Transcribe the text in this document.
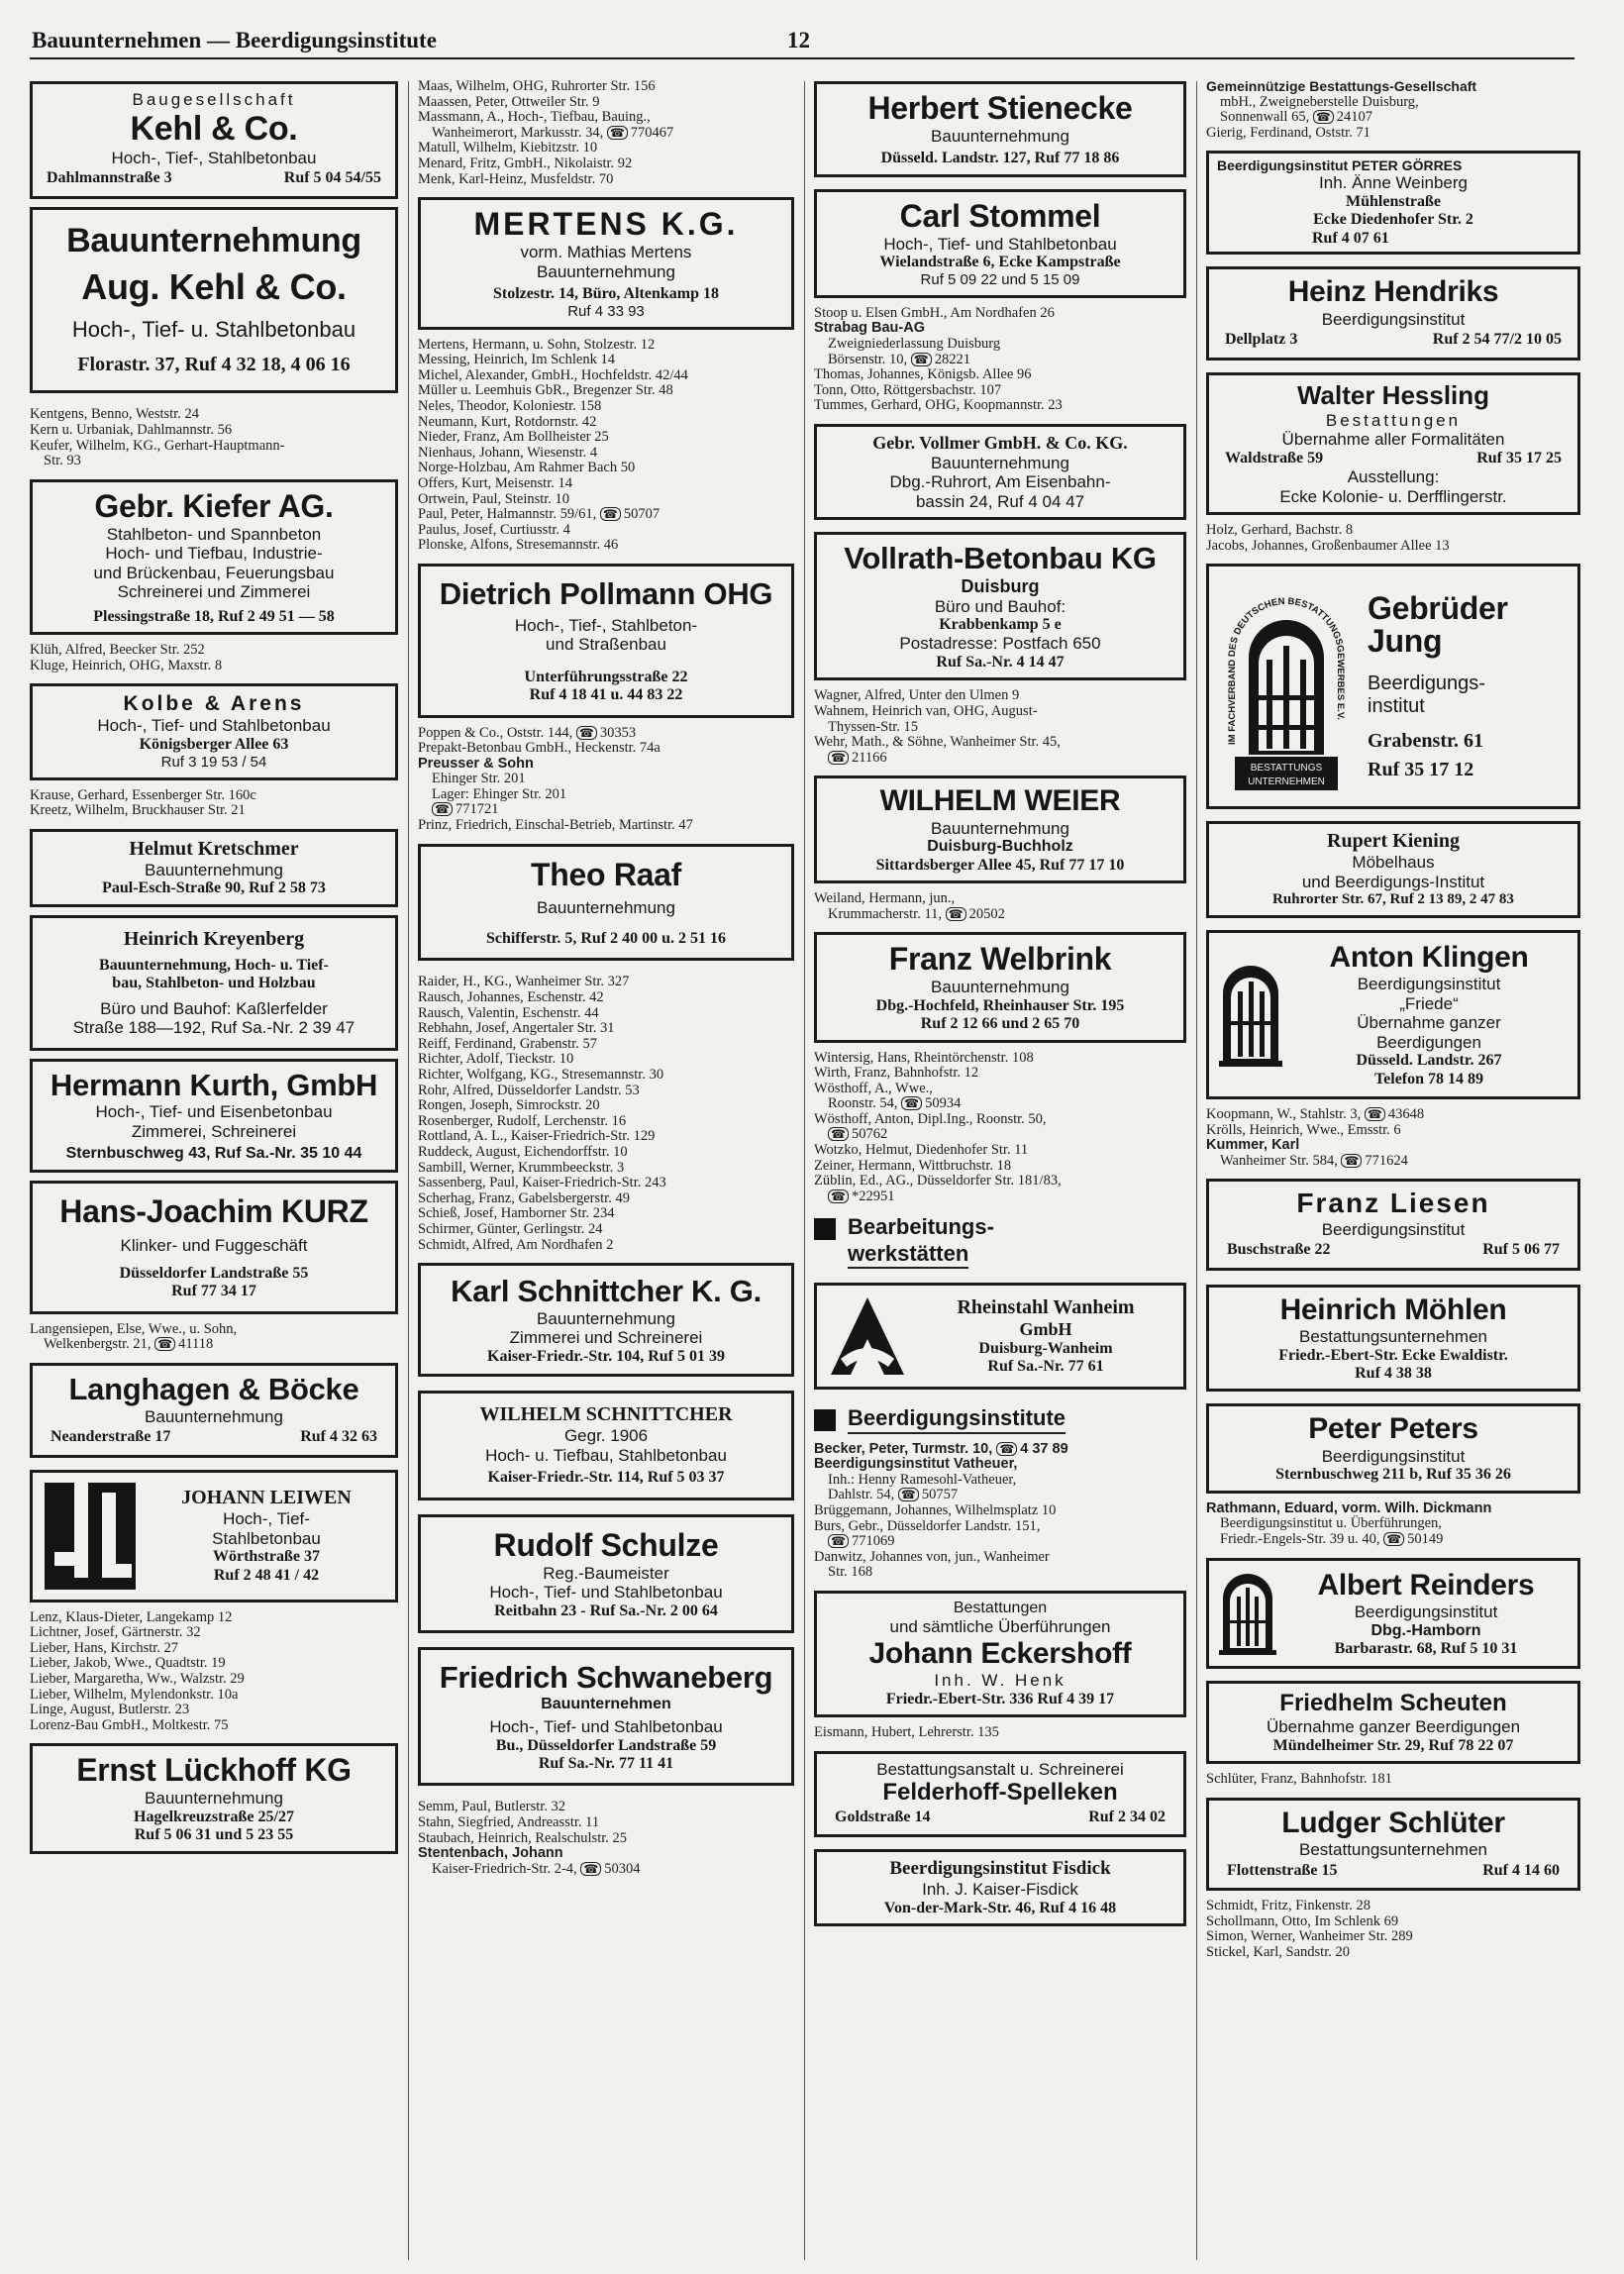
Bauunternehmen — Beerdigungsinstitute	12
Baugesellschaft
Kehl & Co.
Hoch-, Tief-, Stahlbetonbau
Dahlmannstraße 3	Ruf 5 04 54/55
Bauunternehmung
Aug. Kehl & Co.
Hoch-, Tief- u. Stahlbetonbau
Florastr. 37, Ruf 4 32 18, 4 06 16
Kentgens, Benno, Weststr. 24
Kern u. Urbaniak, Dahlmannstr. 56
Keufer, Wilhelm, KG., Gerhart-Hauptmann-
Str. 93
Gebr. Kiefer AG.
Stahlbeton- und Spannbeton
Hoch- und Tiefbau, Industrie-
und Brückenbau, Feuerungsbau
Schreinerei und Zimmerei
Plessingstraße 18, Ruf 2 49 51 — 58
Klüh, Alfred, Beecker Str. 252
Kluge, Heinrich, OHG, Maxstr. 8
Kolbe & Arens
Hoch-, Tief- und Stahlbetonbau
Königsberger Allee 63
Ruf 3 19 53 / 54
Krause, Gerhard, Essenberger Str. 160c
Kreetz, Wilhelm, Bruckhauser Str. 21
Helmut Kretschmer
Bauunternehmung
Paul-Esch-Straße 90, Ruf 2 58 73
Heinrich Kreyenberg
Bauunternehmung, Hoch- u. Tief-
bau, Stahlbeton- und Holzbau
Büro und Bauhof: Kaßlerfelder
Straße 188—192, Ruf Sa.-Nr. 2 39 47
Hermann Kurth, GmbH
Hoch-, Tief- und Eisenbetonbau
Zimmerei, Schreinerei
Sternbuschweg 43, Ruf Sa.-Nr. 35 10 44
Hans-Joachim KURZ
Klinker- und Fuggeschäft
Düsseldorfer Landstraße 55
Ruf 77 34 17
Langensiepen, Else, Wwe., u. Sohn,
Welkenbergstr. 21, ☎ 41118
Langhagen & Böcke
Bauunternehmung
Neanderstraße 17	Ruf 4 32 63
JOHANN LEIWEN
Hoch-, Tief-
Stahlbetonbau
Wörthstraße 37
Ruf 2 48 41 / 42
Lenz, Klaus-Dieter, Langekamp 12
Lichtner, Josef, Gärtnerstr. 32
Lieber, Hans, Kirchstr. 27
Lieber, Jakob, Wwe., Quadtstr. 19
Lieber, Margaretha, Ww., Walzstr. 29
Lieber, Wilhelm, Mylendonkstr. 10a
Linge, August, Butlerstr. 23
Lorenz-Bau GmbH., Moltkestr. 75
Ernst Lückhoff KG
Bauunternehmung
Hagelkreuzstraße 25/27
Ruf 5 06 31 und 5 23 55
Maas, Wilhelm, OHG, Ruhrorter Str. 156
Maassen, Peter, Ottweiler Str. 9
Massmann, A., Hoch-, Tiefbau, Bauing.,
Wanheimerort, Markusstr. 34, ☎ 770467
Matull, Wilhelm, Kiebitzstr. 10
Menard, Fritz, GmbH., Nikolaistr. 92
Menk, Karl-Heinz, Musfeldstr. 70
MERTENS K.G.
vorm. Mathias Mertens
Bauunternehmung
Stolzestr. 14, Büro, Altenkamp 18
Ruf 4 33 93
Mertens, Hermann, u. Sohn, Stolzestr. 12
Messing, Heinrich, Im Schlenk 14
Michel, Alexander, GmbH., Hochfeldstr. 42/44
Müller u. Leemhuis GbR., Bregenzer Str. 48
Neles, Theodor, Koloniestr. 158
Neumann, Kurt, Rotdornstr. 42
Nieder, Franz, Am Bollheister 25
Nienhaus, Johann, Wiesenstr. 4
Norge-Holzbau, Am Rahmer Bach 50
Offers, Kurt, Meisenstr. 14
Ortwein, Paul, Steinstr. 10
Paul, Peter, Halmannstr. 59/61, ☎ 50707
Paulus, Josef, Curtiusstr. 4
Plonske, Alfons, Stresemannstr. 46
Dietrich Pollmann OHG
Hoch-, Tief-, Stahlbeton-
und Straßenbau
Unterführungsstraße 22
Ruf 4 18 41 u. 44 83 22
Poppen & Co., Oststr. 144, ☎ 30353
Prepakt-Betonbau GmbH., Heckenstr. 74a
Preusser & Sohn
Ehinger Str. 201
Lager: Ehinger Str. 201
☎ 771721
Prinz, Friedrich, Einschal-Betrieb, Martinstr. 47
Theo Raaf
Bauunternehmung
Schifferstr. 5, Ruf 2 40 00 u. 2 51 16
Raider, H., KG., Wanheimer Str. 327
Rausch, Johannes, Eschenstr. 42
Rausch, Valentin, Eschenstr. 44
Rebhahn, Josef, Angertaler Str. 31
Reiff, Ferdinand, Grabenstr. 57
Richter, Adolf, Tieckstr. 10
Richter, Wolfgang, KG., Stresemannstr. 30
Rohr, Alfred, Düsseldorfer Landstr. 53
Rongen, Joseph, Simrockstr. 20
Rosenberger, Rudolf, Lerchenstr. 16
Rottland, A. L., Kaiser-Friedrich-Str. 129
Ruddeck, August, Eichendorffstr. 10
Sambill, Werner, Krummbeeckstr. 3
Sassenberg, Paul, Kaiser-Friedrich-Str. 243
Scherhag, Franz, Gabelsbergerstr. 49
Schieß, Josef, Hamborner Str. 234
Schirmer, Günter, Gerlingstr. 24
Schmidt, Alfred, Am Nordhafen 2
Karl Schnittcher K. G.
Bauunternehmung
Zimmerei und Schreinerei
Kaiser-Friedr.-Str. 104, Ruf 5 01 39
WILHELM SCHNITTCHER
Gegr. 1906
Hoch- u. Tiefbau, Stahlbetonbau
Kaiser-Friedr.-Str. 114, Ruf 5 03 37
Rudolf Schulze
Reg.-Baumeister
Hoch-, Tief- und Stahlbetonbau
Reitbahn 23 - Ruf Sa.-Nr. 2 00 64
Friedrich Schwaneberg
Bauunternehmen
Hoch-, Tief- und Stahlbetonbau
Bu., Düsseldorfer Landstraße 59
Ruf Sa.-Nr. 77 11 41
Semm, Paul, Butlerstr. 32
Stahn, Siegfried, Andreasstr. 11
Staubach, Heinrich, Realschulstr. 25
Stentenbach, Johann
Kaiser-Friedrich-Str. 2-4, ☎ 50304
Herbert Stienecke
Bauunternehmung
Düsseld. Landstr. 127, Ruf 77 18 86
Carl Stommel
Hoch-, Tief- und Stahlbetonbau
Wielandstraße 6, Ecke Kampstraße
Ruf 5 09 22 und 5 15 09
Stoop u. Elsen GmbH., Am Nordhafen 26
Strabag Bau-AG
Zweigniederlassung Duisburg
Börsenstr. 10, ☎ 28221
Thomas, Johannes, Königsb. Allee 96
Tonn, Otto, Röttgersbachstr. 107
Tummes, Gerhard, OHG, Koopmannstr. 23
Gebr. Vollmer GmbH. & Co. KG.
Bauunternehmung
Dbg.-Ruhrort, Am Eisenbahn-
bassin 24, Ruf 4 04 47
Vollrath-Betonbau KG
Duisburg
Büro und Bauhof:
Krabbenkamp 5 e
Postadresse: Postfach 650
Ruf Sa.-Nr. 4 14 47
Wagner, Alfred, Unter den Ulmen 9
Wahnem, Heinrich van, OHG, August-
Thyssen-Str. 15
Wehr, Math., & Söhne, Wanheimer Str. 45,
☎ 21166
WILHELM WEIER
Bauunternehmung
Duisburg-Buchholz
Sittardsberger Allee 45, Ruf 77 17 10
Weiland, Hermann, jun.,
Krummacherstr. 11, ☎ 20502
Franz Welbrink
Bauunternehmung
Dbg.-Hochfeld, Rheinhauser Str. 195
Ruf 2 12 66 und 2 65 70
Wintersig, Hans, Rheintörchenstr. 108
Wirth, Franz, Bahnhofstr. 12
Wösthoff, A., Wwe.,
Roonstr. 54, ☎ 50934
Wösthoff, Anton, Dipl.Ing., Roonstr. 50,
☎ 50762
Wotzko, Helmut, Diedenhofer Str. 11
Zeiner, Hermann, Wittbruchstr. 18
Züblin, Ed., AG., Düsseldorfer Str. 181/83,
☎ *22951
Bearbeitungs-
werkstätten
Rheinstahl Wanheim
GmbH
Duisburg-Wanheim
Ruf Sa.-Nr. 77 61
Beerdigungsinstitute
Becker, Peter, Turmstr. 10, ☎ 4 37 89
Beerdigungsinstitut Vatheuer,
Inh.: Henny Ramesohl-Vatheuer,
Dahlstr. 54, ☎ 50757
Brüggemann, Johannes, Wilhelmsplatz 10
Burs, Gebr., Düsseldorfer Landstr. 151,
☎ 771069
Danwitz, Johannes von, jun., Wanheimer
Str. 168
Bestattungen
und sämtliche Überführungen
Johann Eckershoff
Inh. W. Henk
Friedr.-Ebert-Str. 336 Ruf 4 39 17
Eismann, Hubert, Lehrerstr. 135
Bestattungsanstalt u. Schreinerei
Felderhoff-Spelleken
Goldstraße 14	Ruf 2 34 02
Beerdigungsinstitut Fisdick
Inh. J. Kaiser-Fisdick
Von-der-Mark-Str. 46, Ruf 4 16 48
Gemeinnützige Bestattungs-Gesellschaft
mbH., Zweigneberstelle Duisburg,
Sonnenwall 65, ☎ 24107
Gierig, Ferdinand, Oststr. 71
Beerdigungsinstitut PETER GÖRRES
Inh. Änne Weinberg
Mühlenstraße
Ecke Diedenhofer Str. 2
Ruf 4 07 61
Heinz Hendriks
Beerdigungsinstitut
Dellplatz 3	Ruf 2 54 77/2 10 05
Walter Hessling
Bestattungen
Übernahme aller Formalitäten
Waldstraße 59	Ruf 35 17 25
Ausstellung:
Ecke Kolonie- u. Derfflingerstr.
Holz, Gerhard, Bachstr. 8
Jacobs, Johannes, Großenbaumer Allee 13
IM FACHVERBAND DES DEUTSCHEN BESTATTUNGSGEWERBES E.V.
BESTATTUNGS
UNTERNEHMEN
Gebrüder
Jung
Beerdigungs-
institut
Grabenstr. 61
Ruf 35 17 12
Rupert Kiening
Möbelhaus
und Beerdigungs-Institut
Ruhrorter Str. 67, Ruf 2 13 89, 2 47 83
Anton Klingen
Beerdigungsinstitut
„Friede“
Übernahme ganzer
Beerdigungen
Düsseld. Landstr. 267
Telefon 78 14 89
Koopmann, W., Stahlstr. 3, ☎ 43648
Krölls, Heinrich, Wwe., Emsstr. 6
Kummer, Karl
Wanheimer Str. 584, ☎ 771624
Franz Liesen
Beerdigungsinstitut
Buschstraße 22	Ruf 5 06 77
Heinrich Möhlen
Bestattungsunternehmen
Friedr.-Ebert-Str. Ecke Ewaldistr.
Ruf 4 38 38
Peter Peters
Beerdigungsinstitut
Sternbuschweg 211 b, Ruf 35 36 26
Rathmann, Eduard, vorm. Wilh. Dickmann
Beerdigungsinstitut u. Überführungen,
Friedr.-Engels-Str. 39 u. 40, ☎ 50149
Albert Reinders
Beerdigungsinstitut
Dbg.-Hamborn
Barbarastr. 68, Ruf 5 10 31
Friedhelm Scheuten
Übernahme ganzer Beerdigungen
Mündelheimer Str. 29, Ruf 78 22 07
Schlüter, Franz, Bahnhofstr. 181
Ludger Schlüter
Bestattungsunternehmen
Flottenstraße 15	Ruf 4 14 60
Schmidt, Fritz, Finkenstr. 28
Schollmann, Otto, Im Schlenk 69
Simon, Werner, Wanheimer Str. 289
Stickel, Karl, Sandstr. 20
